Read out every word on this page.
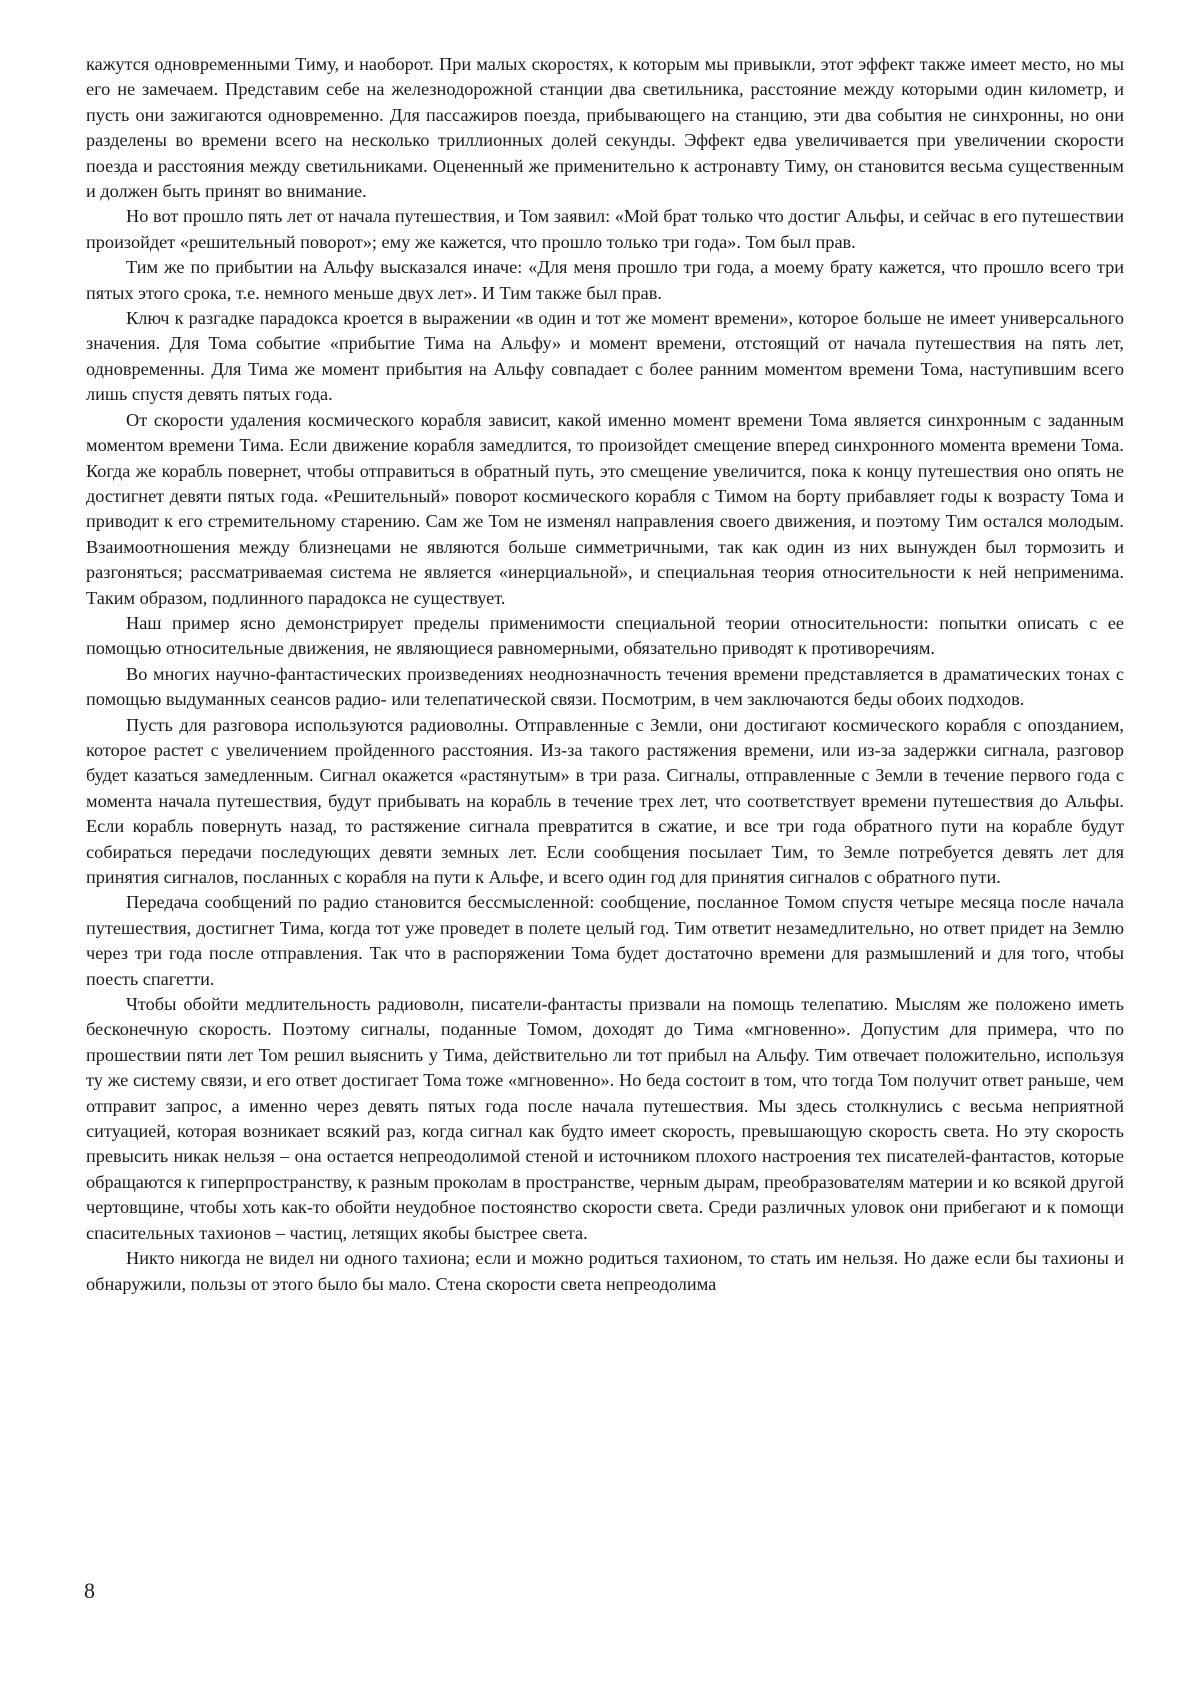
кажутся одновременными Тиму, и наоборот. При малых скоростях, к которым мы привыкли, этот эффект также имеет место, но мы его не замечаем. Представим себе на железнодорожной станции два светильника, расстояние между которыми один километр, и пусть они зажигаются одновременно. Для пассажиров поезда, прибывающего на станцию, эти два события не синхронны, но они разделены во времени всего на несколько триллионных долей секунды. Эффект едва увеличивается при увеличении скорости поезда и расстояния между светильниками. Оцененный же применительно к астронавту Тиму, он становится весьма существенным и должен быть принят во внимание.

Но вот прошло пять лет от начала путешествия, и Том заявил: «Мой брат только что достиг Альфы, и сейчас в его путешествии произойдет «решительный поворот»; ему же кажется, что прошло только три года». Том был прав.

Тим же по прибытии на Альфу высказался иначе: «Для меня прошло три года, а моему брату кажется, что прошло всего три пятых этого срока, т.е. немного меньше двух лет». И Тим также был прав.

Ключ к разгадке парадокса кроется в выражении «в один и тот же момент времени», которое больше не имеет универсального значения. Для Тома событие «прибытие Тима на Альфу» и момент времени, отстоящий от начала путешествия на пять лет, одновременны. Для Тима же момент прибытия на Альфу совпадает с более ранним моментом времени Тома, наступившим всего лишь спустя девять пятых года.

От скорости удаления космического корабля зависит, какой именно момент времени Тома является синхронным с заданным моментом времени Тима. Если движение корабля замедлится, то произойдет смещение вперед синхронного момента времени Тома. Когда же корабль повернет, чтобы отправиться в обратный путь, это смещение увеличится, пока к концу путешествия оно опять не достигнет девяти пятых года. «Решительный» поворот космического корабля с Тимом на борту прибавляет годы к возрасту Тома и приводит к его стремительному старению. Сам же Том не изменял направления своего движения, и поэтому Тим остался молодым. Взаимоотношения между близнецами не являются больше симметричными, так как один из них вынужден был тормозить и разгоняться; рассматриваемая система не является «инерциальной», и специальная теория относительности к ней неприменима. Таким образом, подлинного парадокса не существует.

Наш пример ясно демонстрирует пределы применимости специальной теории относительности: попытки описать с ее помощью относительные движения, не являющиеся равномерными, обязательно приводят к противоречиям.

Во многих научно-фантастических произведениях неоднозначность течения времени представляется в драматических тонах с помощью выдуманных сеансов радио- или телепатической связи. Посмотрим, в чем заключаются беды обоих подходов.

Пусть для разговора используются радиоволны. Отправленные с Земли, они достигают космического корабля с опозданием, которое растет с увеличением пройденного расстояния. Из-за такого растяжения времени, или из-за задержки сигнала, разговор будет казаться замедленным. Сигнал окажется «растянутым» в три раза. Сигналы, отправленные с Земли в течение первого года с момента начала путешествия, будут прибывать на корабль в течение трех лет, что соответствует времени путешествия до Альфы. Если корабль повернуть назад, то растяжение сигнала превратится в сжатие, и все три года обратного пути на корабле будут собираться передачи последующих девяти земных лет. Если сообщения посылает Тим, то Земле потребуется девять лет для принятия сигналов, посланных с корабля на пути к Альфе, и всего один год для принятия сигналов с обратного пути.

Передача сообщений по радио становится бессмысленной: сообщение, посланное Томом спустя четыре месяца после начала путешествия, достигнет Тима, когда тот уже проведет в полете целый год. Тим ответит незамедлительно, но ответ придет на Землю через три года после отправления. Так что в распоряжении Тома будет достаточно времени для размышлений и для того, чтобы поесть спагетти.

Чтобы обойти медлительность радиоволн, писатели-фантасты призвали на помощь телепатию. Мыслям же положено иметь бесконечную скорость. Поэтому сигналы, поданные Томом, доходят до Тима «мгновенно». Допустим для примера, что по прошествии пяти лет Том решил выяснить у Тима, действительно ли тот прибыл на Альфу. Тим отвечает положительно, используя ту же систему связи, и его ответ достигает Тома тоже «мгновенно». Но беда состоит в том, что тогда Том получит ответ раньше, чем отправит запрос, а именно через девять пятых года после начала путешествия. Мы здесь столкнулись с весьма неприятной ситуацией, которая возникает всякий раз, когда сигнал как будто имеет скорость, превышающую скорость света. Но эту скорость превысить никак нельзя – она остается непреодолимой стеной и источником плохого настроения тех писателей-фантастов, которые обращаются к гиперпространству, к разным проколам в пространстве, черным дырам, преобразователям материи и ко всякой другой чертовщине, чтобы хоть как-то обойти неудобное постоянство скорости света. Среди различных уловок они прибегают и к помощи спасительных тахионов – частиц, летящих якобы быстрее света.

Никто никогда не видел ни одного тахиона; если и можно родиться тахионом, то стать им нельзя. Но даже если бы тахионы и обнаружили, пользы от этого было бы мало. Стена скорости света непреодолима

8
